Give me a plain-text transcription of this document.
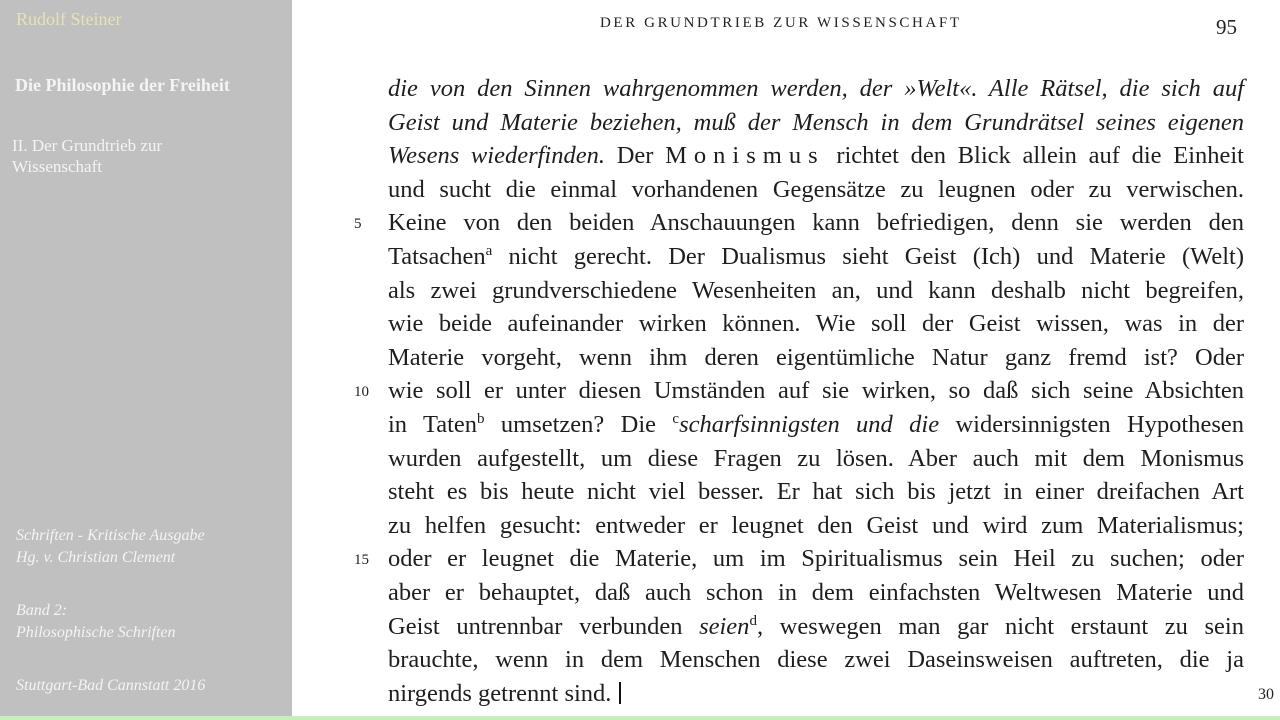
Rudolf Steiner
Die Philosophie der Freiheit
II. Der Grundtrieb zur
Wissenschaft
Schriften - Kritische Ausgabe
Hg. v. Christian Clement
Band 2:
Philosophische Schriften
Stuttgart-Bad Cannstatt 2016
DER GRUNDTRIEB ZUR WISSENSCHAFT	95
die von den Sinnen wahrgenommen werden, der »Welt«. Alle Rätsel, die sich auf
Geist und Materie beziehen, muß der Mensch in dem Grundrätsel seines eigenen
Wesens wiederfinden. Der Monismus richtet den Blick allein auf die Einheit
und sucht die einmal vorhandenen Gegensätze zu leugnen oder zu verwischen.
5 Keine von den beiden Anschauungen kann befriedigen, denn sie werden den
Tatsachen$^a$ nicht gerecht. Der Dualismus sieht Geist (Ich) und Materie (Welt)
als zwei grundverschiedene Wesenheiten an, und kann deshalb nicht begreifen,
wie beide aufeinander wirken können. Wie soll der Geist wissen, was in der
Materie vorgeht, wenn ihm deren eigentümliche Natur ganz fremd ist? Oder
10 wie soll er unter diesen Umständen auf sie wirken, so daß sich seine Absichten
in Taten$^b$ umsetzen? Die $^c$scharfsinnigsten und die widersinnigsten Hypothesen
wurden aufgestellt, um diese Fragen zu lösen. Aber auch mit dem Monismus
steht es bis heute nicht viel besser. Er hat sich bis jetzt in einer dreifachen Art
zu helfen gesucht: entweder er leugnet den Geist und wird zum Materialismus;
15 oder er leugnet die Materie, um im Spiritualismus sein Heil zu suchen; oder
aber er behauptet, daß auch schon in dem einfachsten Weltwesen Materie und
Geist untrennbar verbunden seien$^d$, weswegen man gar nicht erstaunt zu sein
brauchte, wenn in dem Menschen diese zwei Daseinsweisen auftreten, die ja
nirgends getrennt sind.	30
